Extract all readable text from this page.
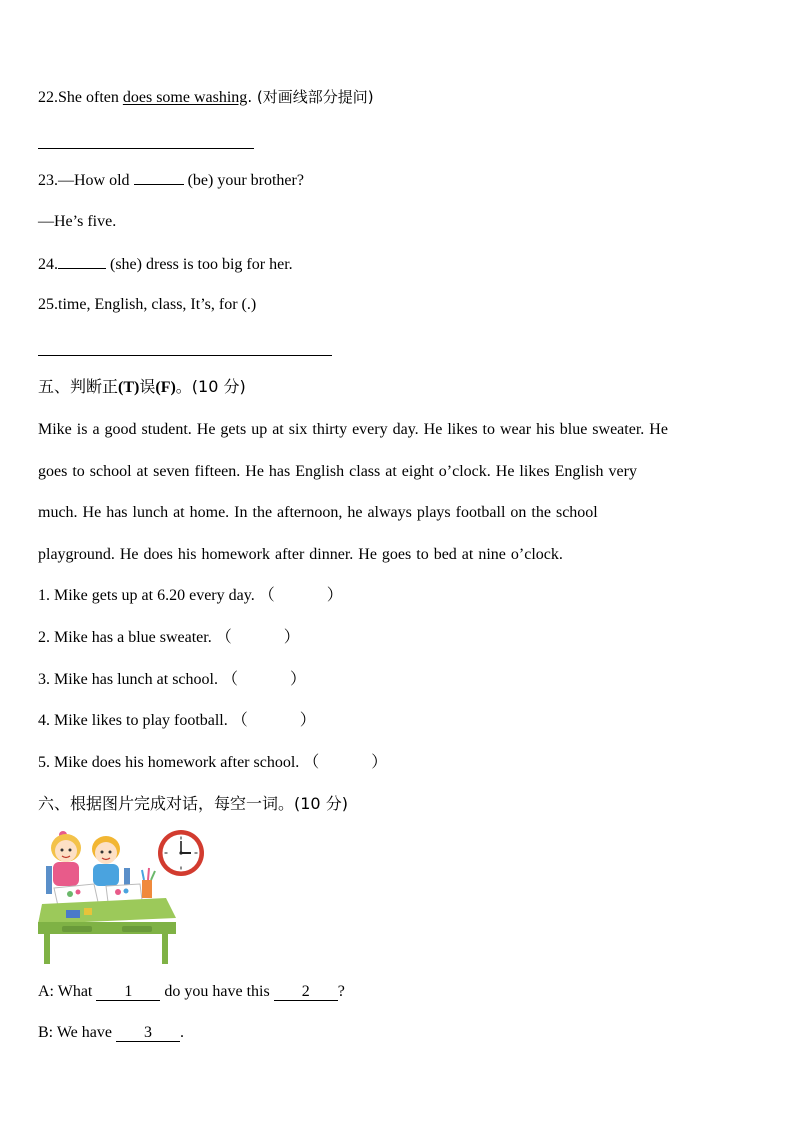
22.She often does some washing. (对画线部分提问)
23.—How old	(be) your brother?
—He’s five.
24.	(she) dress is too big for her.
25.time, English, class, It’s, for (.)
五、判断正(T)误(F)。(10 分)
Mike is a good student. He gets up at six thirty every day. He likes to wear his blue sweater. He
goes to school at seven fifteen. He has English class at eight o’clock. He likes English very
much. He has lunch at home. In the afternoon, he always plays football on the school
playground. He does his homework after dinner. He goes to bed at nine o’clock.
1. Mike gets up at 6.20 every day. （	）
2. Mike has a blue sweater. （	）
3. Mike has lunch at school. （	）
4. Mike likes to play football. （	）
5. Mike does his homework after school. （	）
六、根据图片完成对话，每空一词。(10 分)
A: What 1 do you have this 2 ?
B: We have 3 .
